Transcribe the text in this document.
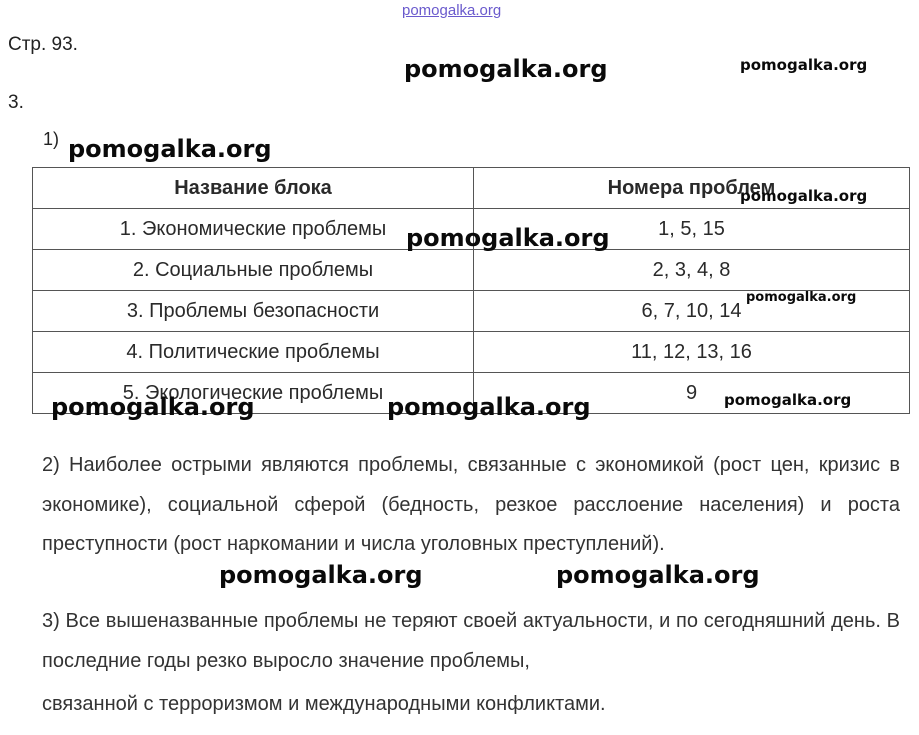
pomogalka.org
Стр. 93.
3.
1)
Название блока	Номера проблем
1. Экономические проблемы	1, 5, 15
2. Социальные проблемы	2, 3, 4, 8
3. Проблемы безопасности	6, 7, 10, 14
4. Политические проблемы	11, 12, 13, 16
5. Экологические проблемы	9
2) Наиболее острыми являются проблемы, связанные с экономикой (рост цен, кризис в экономике), социальной сферой (бедность, резкое расслоение населения) и роста преступности (рост наркомании и числа уголовных преступлений).
3) Все вышеназванные проблемы не теряют своей актуальности, и по сегодняшний день. В последние годы резко выросло значение проблемы,
связанной с терроризмом и международными конфликтами.
pomogalka.org	pomogalka.org
pomogalka.org
pomogalka.org
pomogalka.org
pomogalka.org
pomogalka.org	pomogalka.org	pomogalka.org
pomogalka.org	pomogalka.org
